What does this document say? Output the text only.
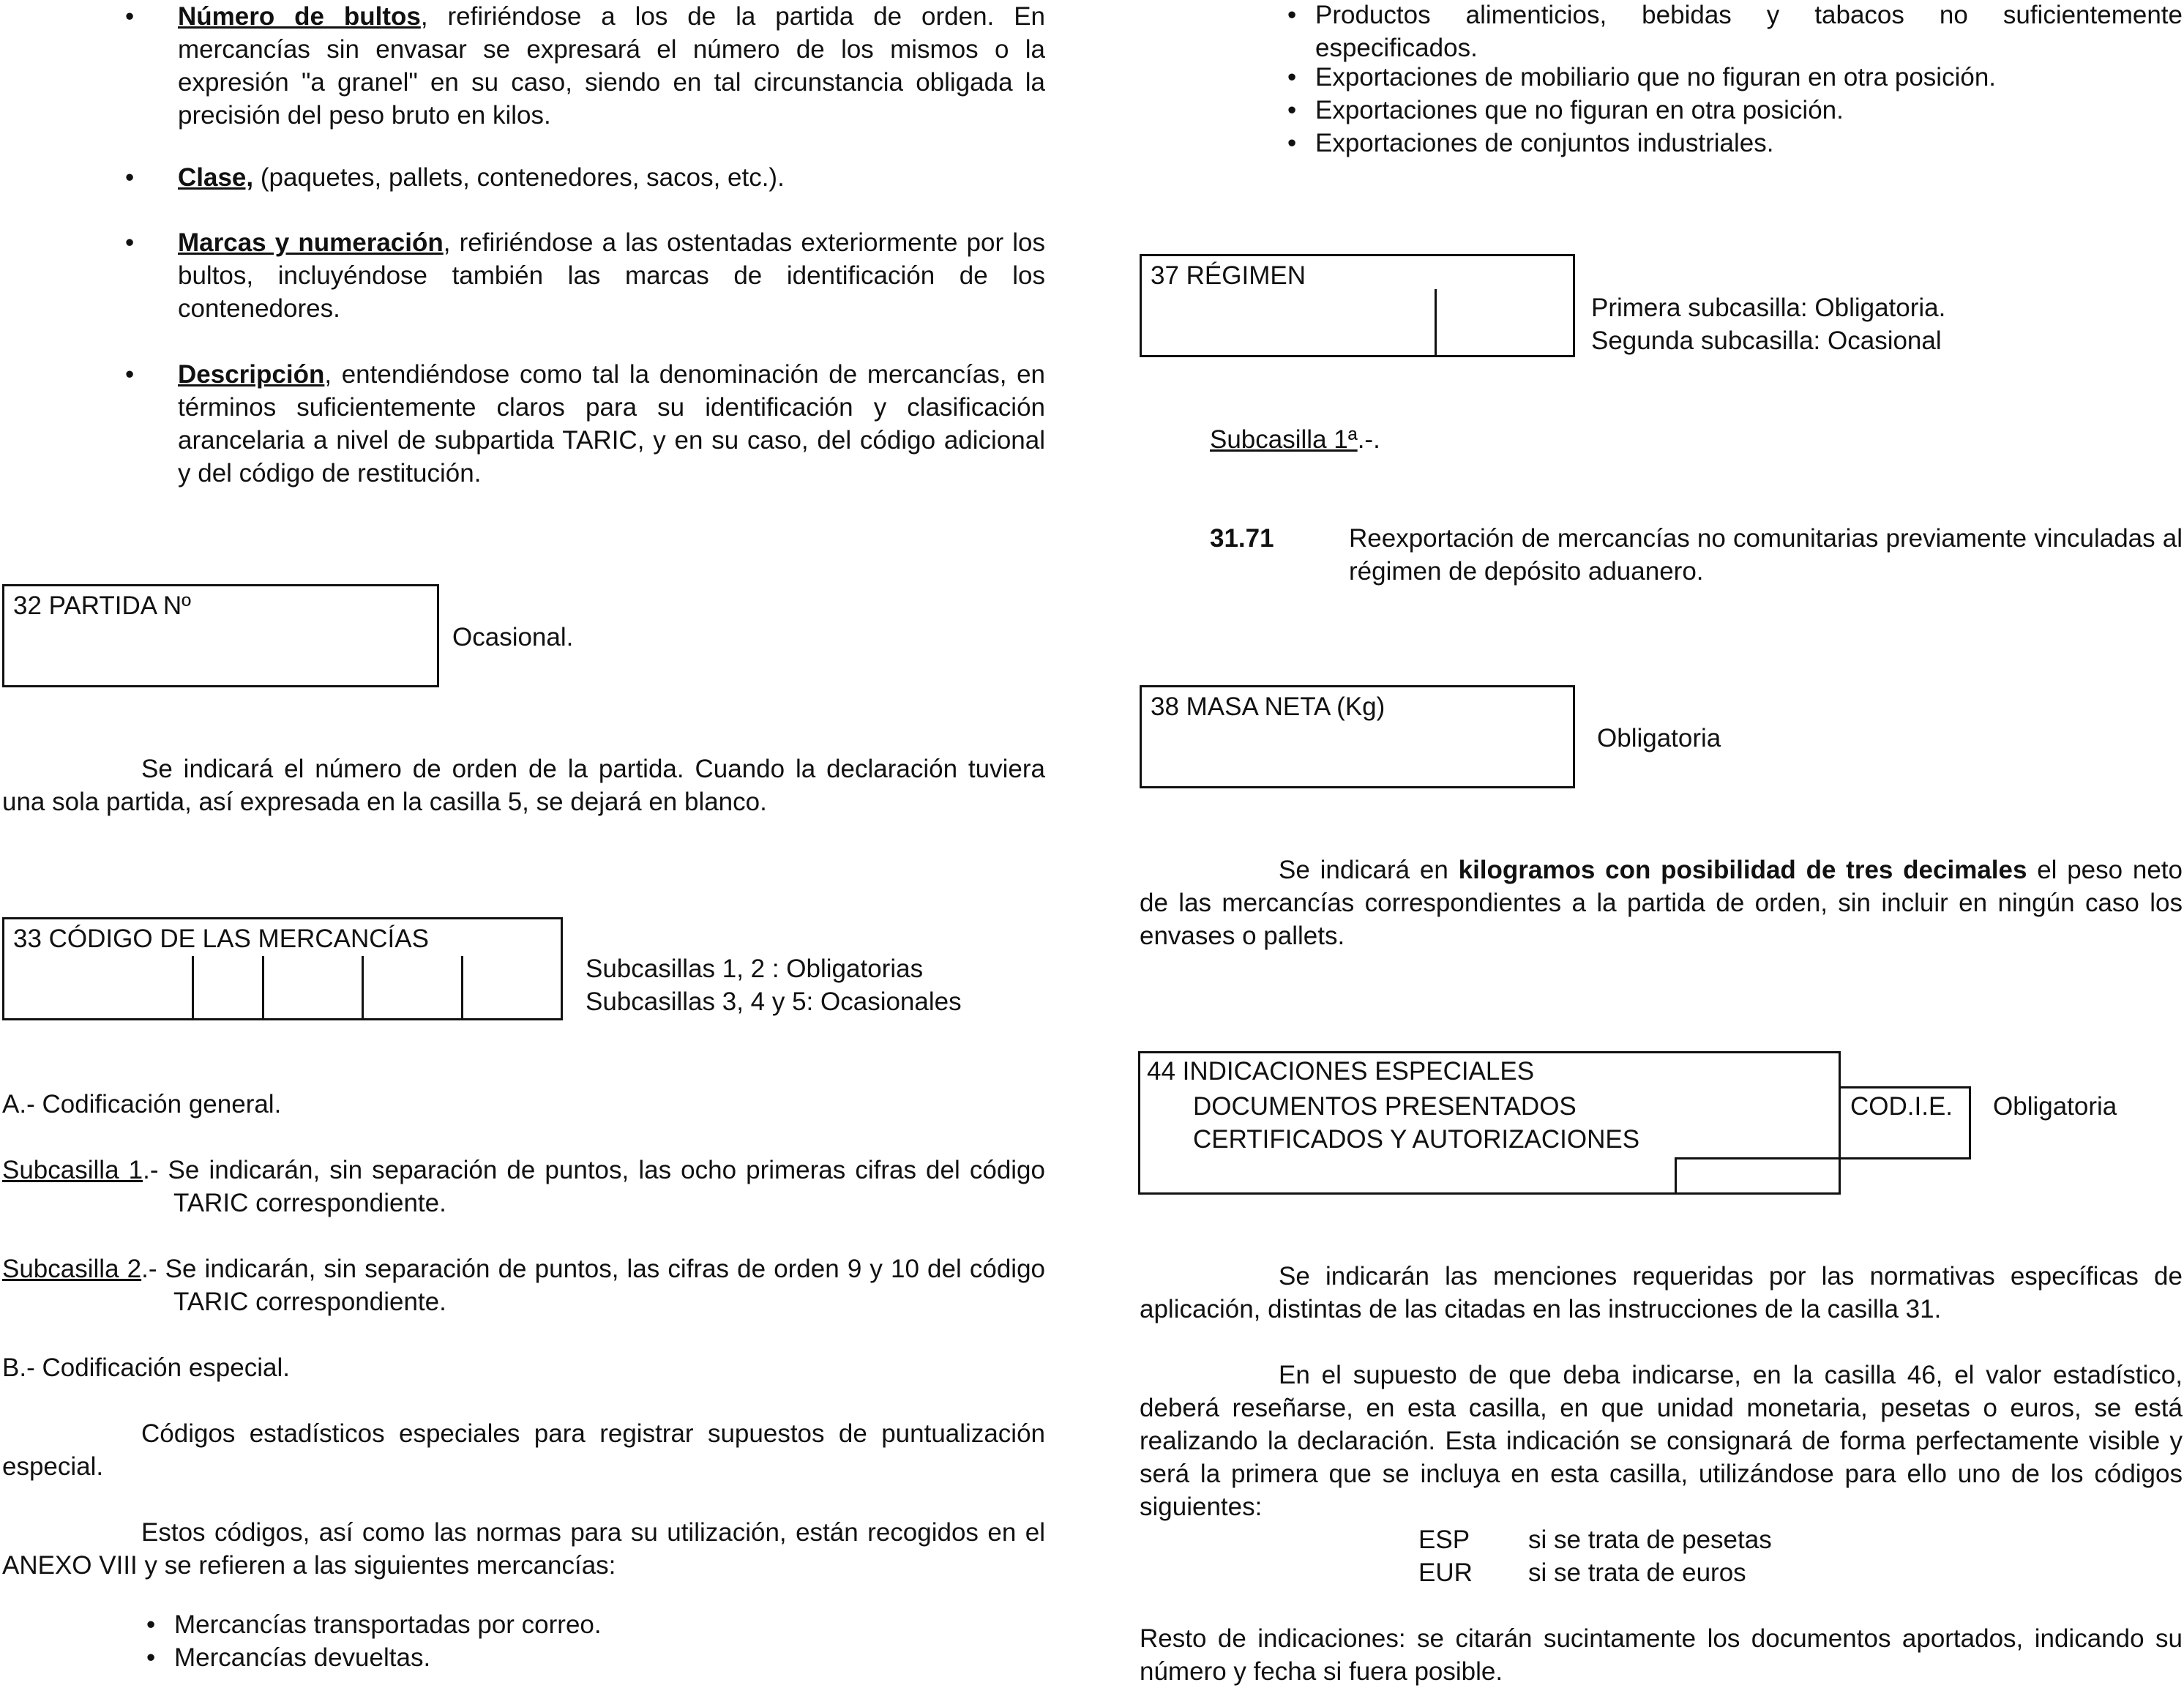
• Número de bultos, refiriéndose a los de la partida de orden. En mercancías sin envasar se expresará el número de los mismos o la expresión "a granel" en su caso, siendo en tal circunstancia obligada la precisión del peso bruto en kilos.
• Clase, (paquetes, pallets, contenedores, sacos, etc.).
• Marcas y numeración, refiriéndose a las ostentadas exteriormente por los bultos, incluyéndose también las marcas de identificación de los contenedores.
• Descripción, entendiéndose como tal la denominación de mercancías, en términos suficientemente claros para su identificación y clasificación arancelaria a nivel de subpartida TARIC, y en su caso, del código adicional y del código de restitución.
32 PARTIDA Nº
Ocasional.
Se indicará el número de orden de la partida. Cuando la declaración tuviera una sola partida, así expresada en la casilla 5, se dejará en blanco.
33 CÓDIGO DE LAS MERCANCÍAS
Subcasillas 1, 2 : Obligatorias
Subcasillas 3, 4 y 5: Ocasionales
A.- Codificación general.
Subcasilla 1.- Se indicarán, sin separación de puntos, las ocho primeras cifras del código TARIC correspondiente.
Subcasilla 2.- Se indicarán, sin separación de puntos, las cifras de orden 9 y 10 del código TARIC correspondiente.
B.- Codificación especial.
Códigos estadísticos especiales para registrar supuestos de puntualización especial.
Estos códigos, así como las normas para su utilización, están recogidos en el ANEXO VIII y se refieren a las siguientes mercancías:
• Mercancías transportadas por correo.
• Mercancías devueltas.
• Productos alimenticios, bebidas y tabacos no suficientemente especificados.
• Exportaciones de mobiliario que no figuran en otra posición.
• Exportaciones que no figuran en otra posición.
• Exportaciones de conjuntos industriales.
37 RÉGIMEN
Primera subcasilla: Obligatoria.
Segunda subcasilla: Ocasional
Subcasilla 1ª.-.
31.71	Reexportación de mercancías no comunitarias previamente vinculadas al régimen de depósito aduanero.
38 MASA NETA (Kg)
Obligatoria
Se indicará en kilogramos con posibilidad de tres decimales el peso neto de las mercancías correspondientes a la partida de orden, sin incluir en ningún caso los envases o pallets.
44 INDICACIONES ESPECIALES
DOCUMENTOS PRESENTADOS
CERTIFICADOS Y AUTORIZACIONES
COD.I.E. Obligatoria
Se indicarán las menciones requeridas por las normativas específicas de aplicación, distintas de las citadas en las instrucciones de la casilla 31.
En el supuesto de que deba indicarse, en la casilla 46, el valor estadístico, deberá reseñarse, en esta casilla, en que unidad monetaria, pesetas o euros, se está realizando la declaración. Esta indicación se consignará de forma perfectamente visible y será la primera que se incluya en esta casilla, utilizándose para ello uno de los códigos siguientes:
ESP si se trata de pesetas
EUR si se trata de euros
Resto de indicaciones: se citarán sucintamente los documentos aportados, indicando su número y fecha si fuera posible.
